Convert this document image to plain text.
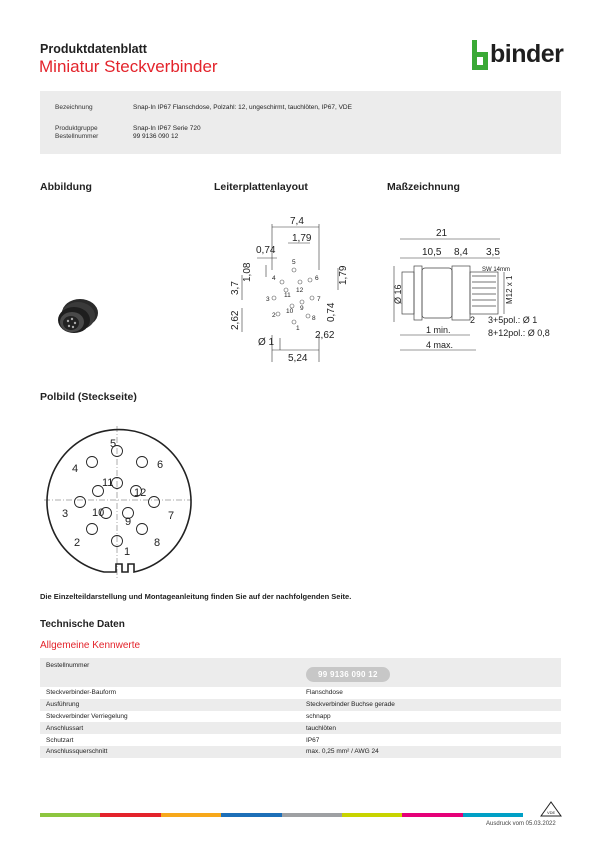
Produktdatenblatt
Miniatur Steckverbinder	binder
Bezeichnung	Snap-In IP67 Flanschdose, Polzahl: 12, ungeschirmt, tauchlöten, IP67, VDE
Produktgruppe	Snap-In IP67 Serie 720
Bestellnummer	99 9136 090 12
Abbildung	Leiterplattenlayout	Maßzeichnung
Polbild (Steckseite)
7,4
1,79
0,74
1,08
3,7
1,79
2,62	0,74
Ø 1
2,62
5,24
5
4
12
6
3
11
7
2
10 9
8
1
21
10,5 8,4 3,5
SW 14mm
Ø 16	M12 x 1
2 3+5pol.: Ø 1
8+12pol.: Ø 0,8
1 min.
4 max.
5
4	6
11
12
3 10	7
9
2	8
1
Die Einzelteildarstellung und Montageanleitung finden Sie auf der nachfolgenden Seite.
Technische Daten
Allgemeine Kennwerte
Bestellnummer	99 9136 090 12
Steckverbinder-Bauform	Flanschdose
Ausführung	Steckverbinder Buchse gerade
Steckverbinder Verriegelung	schnapp
Anschlussart	tauchlöten
Schutzart	IP67
Anschlussquerschnitt	max. 0,25 mm² / AWG 24
VDE
Ausdruck vom 05.03.2022
